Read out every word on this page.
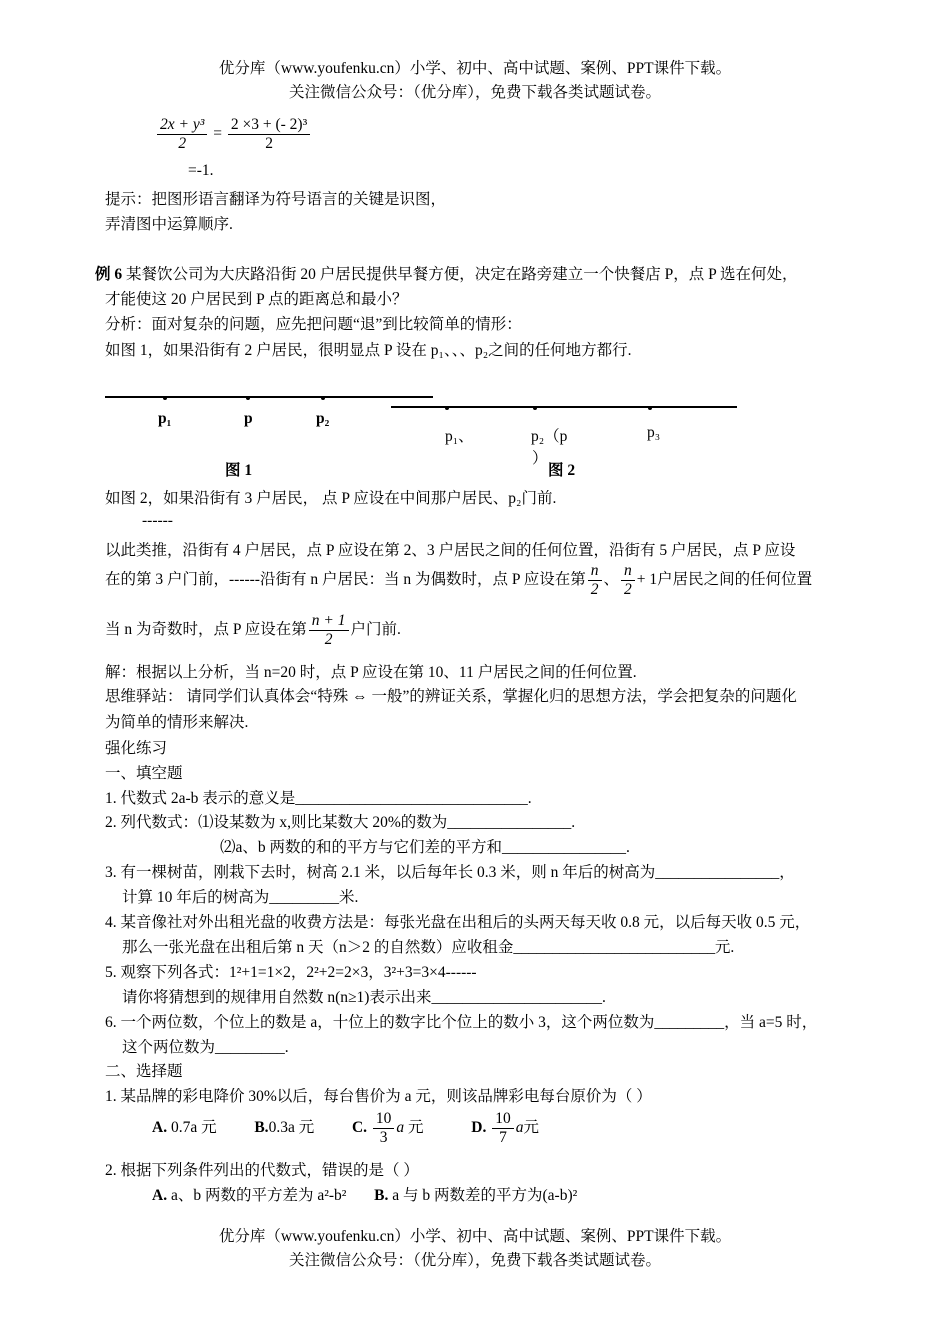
优分库（www.youfenku.cn）小学、初中、高中试题、案例、PPT课件下载。
关注微信公众号：（优分库），免费下载各类试题试卷。
$\frac{\text{2x + y³}}{2} = \frac{\text{2 ×3 + (- 2)³}}{2}$
=-1.
提示：把图形语言翻译为符号语言的关键是识图，
弄清图中运算顺序.
例 6 某餐饮公司为大庆路沿街 20 户居民提供早餐方便，决定在路旁建立一个快餐店 P，点 P 选在何处，
才能使这 20 户居民到 P 点的距离总和最小？
分析：面对复杂的问题，应先把问题“退”到比较简单的情形：
如图 1，如果沿街有 2 户居民，很明显点 P 设在 p₁、、、p₂之间的任何地方都行.
p₁	p	p₂
图 1
p₁、	p₂（p
）
p₃
图 2
如图 2，如果沿街有 3 户居民， 点 P 应设在中间那户居民、p₂门前.
------
以此类推，沿街有 4 户居民，点 P 应设在第 2、3 户居民之间的任何位置，沿街有 5 户居民，点 P 应设
在的第 3 户门前，------沿街有 n 户居民：当 n 为偶数时，点 P 应设在第 $\frac{n}{2}$ 、 $\frac{n}{2} + 1$户居民之间的任何位置
当 n 为奇数时，点 P 应设在第 $\frac{n + 1}{2}$ 户门前.
解：根据以上分析，当 n=20 时，点 P 应设在第 10、11 户居民之间的任何位置.
思维驿站： 请同学们认真体会“特殊 ⇔ 一般”的辨证关系，掌握化归的思想方法，学会把复杂的问题化
为简单的情形来解决.
强化练习
一、填空题
1. 代数式 2a-b 表示的意义是______________________________.
2. 列代数式：⑴设某数为 x,则比某数大 20%的数为________________.
⑵a、b 两数的和的平方与它们差的平方和________________.
3. 有一棵树苗，刚栽下去时，树高 2.1 米，以后每年长 0.3 米，则 n 年后的树高为________________，
计算 10 年后的树高为_________米.
4. 某音像社对外出租光盘的收费方法是：每张光盘在出租后的头两天每天收 0.8 元，以后每天收 0.5 元，
那么一张光盘在出租后第 n 天（n＞2 的自然数）应收租金__________________________元.
5. 观察下列各式：1²+1=1×2，2²+2=2×3，3²+3=3×4------
请你将猜想到的规律用自然数 n(n≥1)表示出来______________________.
6. 一个两位数，个位上的数是 a，十位上的数字比个位上的数小 3，这个两位数为_________，当 a=5 时，
这个两位数为_________.
二、选择题
1. 某品牌的彩电降价 30%以后，每台售价为 a 元，则该品牌彩电每台原价为（ ）
A. 0.7a 元 B.0.3a 元 C. $\frac{10}{3}$ a 元	D. $\frac{10}{7}$ a元
2. 根据下列条件列出的代数式，错误的是（ ）
A. a、b 两数的平方差为 a²-b² B. a 与 b 两数差的平方为(a-b)²
优分库（www.youfenku.cn）小学、初中、高中试题、案例、PPT课件下载。
关注微信公众号：（优分库），免费下载各类试题试卷。
